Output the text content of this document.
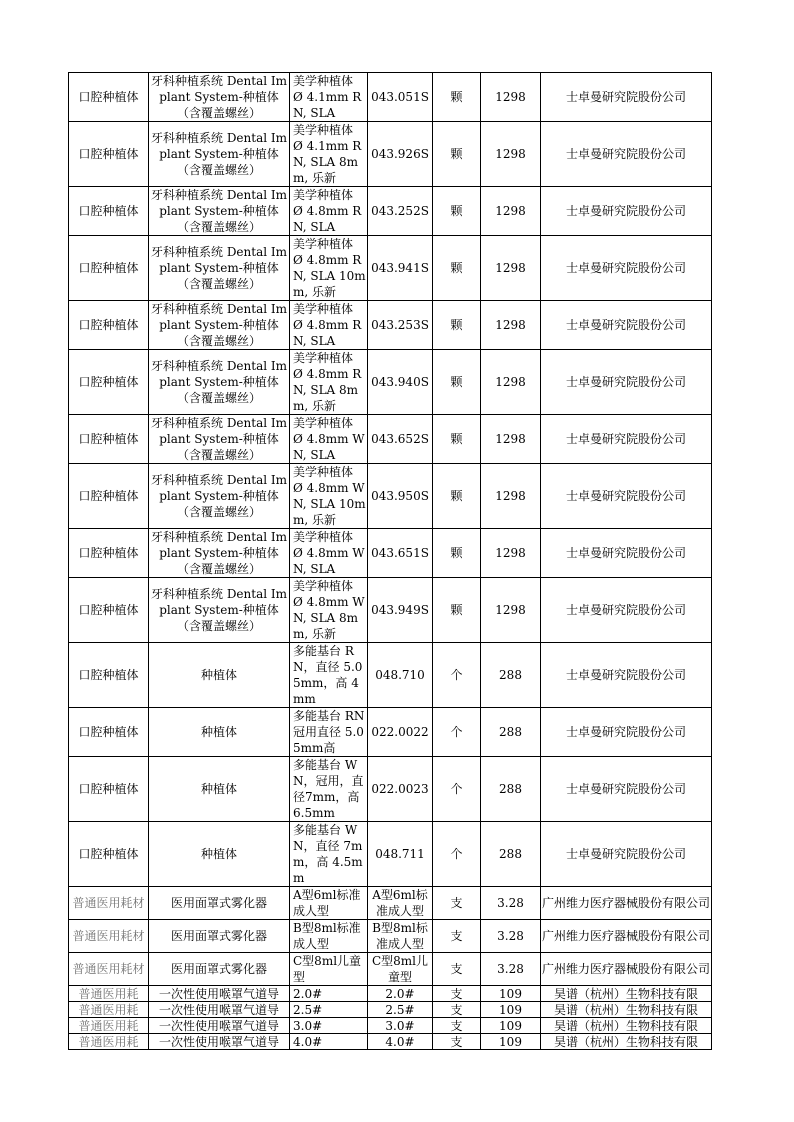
口腔种植体	牙科种植系统 Dental Implant System-种植体（含覆盖螺丝）	美学种植体 Ø 4.1mm RN, SLA	043.051S	颗	1298	士卓曼研究院股份公司
口腔种植体	牙科种植系统 Dental Implant System-种植体（含覆盖螺丝）	美学种植体 Ø 4.1mm RN, SLA 8mm, 乐新	043.926S	颗	1298	士卓曼研究院股份公司
口腔种植体	牙科种植系统 Dental Implant System-种植体（含覆盖螺丝）	美学种植体 Ø 4.8mm RN, SLA	043.252S	颗	1298	士卓曼研究院股份公司
口腔种植体	牙科种植系统 Dental Implant System-种植体（含覆盖螺丝）	美学种植体 Ø 4.8mm RN, SLA 10mm, 乐新	043.941S	颗	1298	士卓曼研究院股份公司
口腔种植体	牙科种植系统 Dental Implant System-种植体（含覆盖螺丝）	美学种植体 Ø 4.8mm RN, SLA	043.253S	颗	1298	士卓曼研究院股份公司
口腔种植体	牙科种植系统 Dental Implant System-种植体（含覆盖螺丝）	美学种植体 Ø 4.8mm RN, SLA 8mm, 乐新	043.940S	颗	1298	士卓曼研究院股份公司
口腔种植体	牙科种植系统 Dental Implant System-种植体（含覆盖螺丝）	美学种植体 Ø 4.8mm WN, SLA	043.652S	颗	1298	士卓曼研究院股份公司
口腔种植体	牙科种植系统 Dental Implant System-种植体（含覆盖螺丝）	美学种植体 Ø 4.8mm WN, SLA 10mm, 乐新	043.950S	颗	1298	士卓曼研究院股份公司
口腔种植体	牙科种植系统 Dental Implant System-种植体（含覆盖螺丝）	美学种植体 Ø 4.8mm WN, SLA	043.651S	颗	1298	士卓曼研究院股份公司
口腔种植体	牙科种植系统 Dental Implant System-种植体（含覆盖螺丝）	美学种植体 Ø 4.8mm WN, SLA 8mm, 乐新	043.949S	颗	1298	士卓曼研究院股份公司
口腔种植体	种植体	多能基台 RN，直径 5.05mm，高 4mm	048.710	个	288	士卓曼研究院股份公司
口腔种植体	种植体	多能基台 RN冠用直径 5.05mm高	022.0022	个	288	士卓曼研究院股份公司
口腔种植体	种植体	多能基台 WN，冠用，直径7mm，高6.5mm	022.0023	个	288	士卓曼研究院股份公司
口腔种植体	种植体	多能基台 WN，直径 7mm，高 4.5mm	048.711	个	288	士卓曼研究院股份公司
普通医用耗材	医用面罩式雾化器	A型6ml标准成人型	A型6ml标准成人型	支	3.28	广州维力医疗器械股份有限公司
普通医用耗材	医用面罩式雾化器	B型8ml标准成人型	B型8ml标准成人型	支	3.28	广州维力医疗器械股份有限公司
普通医用耗材	医用面罩式雾化器	C型8ml儿童型	C型8ml儿童型	支	3.28	广州维力医疗器械股份有限公司
普通医用耗	一次性使用喉罩气道导	2.0#	2.0#	支	109	昊谱（杭州）生物科技有限
普通医用耗	一次性使用喉罩气道导	2.5#	2.5#	支	109	昊谱（杭州）生物科技有限
普通医用耗	一次性使用喉罩气道导	3.0#	3.0#	支	109	昊谱（杭州）生物科技有限
普通医用耗	一次性使用喉罩气道导	4.0#	4.0#	支	109	昊谱（杭州）生物科技有限
